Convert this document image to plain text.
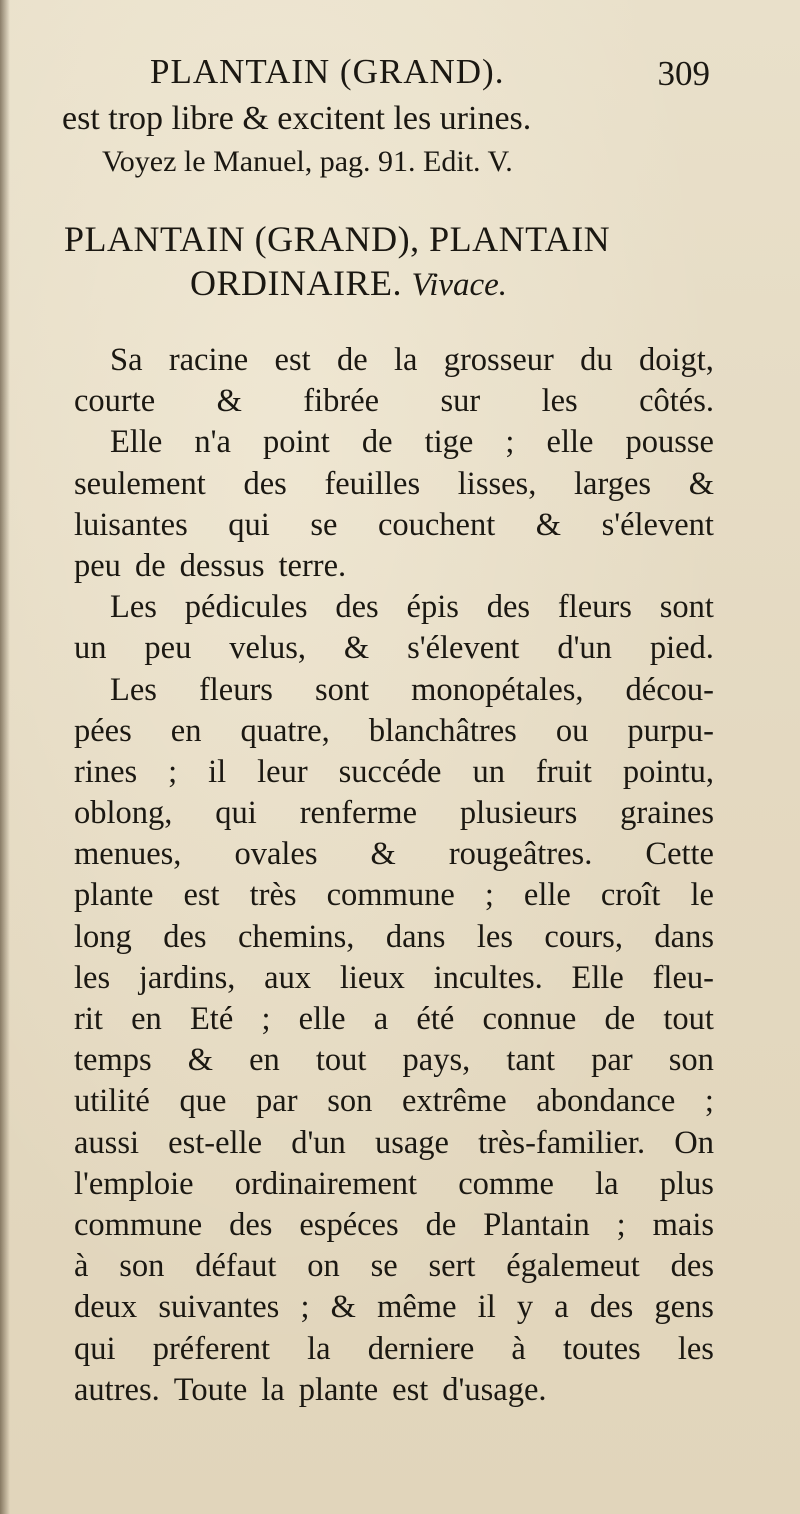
PLANTAIN (GRAND).	309
est trop libre & excitent les urines.
Voyez le Manuel, pag. 91. Edit. V.
PLANTAIN (GRAND), PLANTAIN
ORDINAIRE. Vivace.
Sa racine est de la grosseur du doigt,
courte & fibrée sur les côtés.
Elle n'a point de tige ; elle pousse
seulement des feuilles lisses, larges &
luisantes qui se couchent & s'élevent
peu de dessus terre.
Les pédicules des épis des fleurs sont
un peu velus, & s'élevent d'un pied.
Les fleurs sont monopétales, décou-
pées en quatre, blanchâtres ou purpu-
rines ; il leur succéde un fruit pointu,
oblong, qui renferme plusieurs graines
menues, ovales & rougeâtres. Cette
plante est très commune ; elle croît le
long des chemins, dans les cours, dans
les jardins, aux lieux incultes. Elle fleu-
rit en Eté ; elle a été connue de tout
temps & en tout pays, tant par son
utilité que par son extrême abondance ;
aussi est-elle d'un usage très-familier. On
l'emploie ordinairement comme la plus
commune des espéces de Plantain ; mais
à son défaut on se sert égalemeut des
deux suivantes ; & même il y a des gens
qui préferent la derniere à toutes les
autres. Toute la plante est d'usage.
